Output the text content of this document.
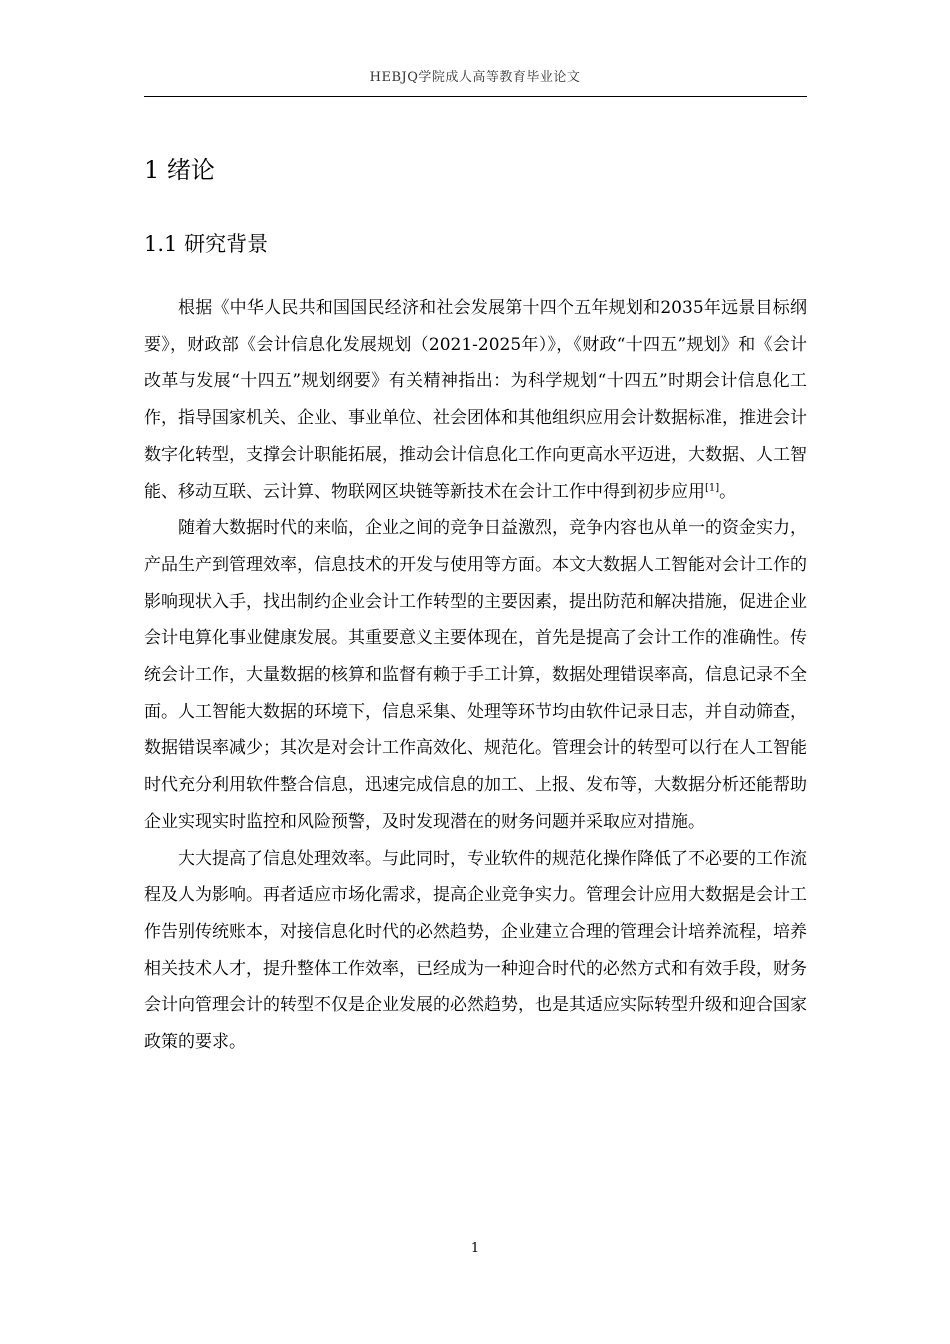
HEBJQ学院成人高等教育毕业论文
1 绪论
1.1 研究背景

根据《中华人民共和国国民经济和社会发展第十四个五年规划和2035年远景目标纲要》，财政部《会计信息化发展规划（2021-2025年）》，《财政“十四五”规划》和《会计改革与发展“十四五”规划纲要》有关精神指出：为科学规划“十四五”时期会计信息化工作，指导国家机关、企业、事业单位、社会团体和其他组织应用会计数据标准，推进会计数字化转型，支撑会计职能拓展，推动会计信息化工作向更高水平迈进，大数据、人工智能、移动互联、云计算、物联网区块链等新技术在会计工作中得到初步应用[1]。

随着大数据时代的来临，企业之间的竞争日益激烈，竞争内容也从单一的资金实力，产品生产到管理效率，信息技术的开发与使用等方面。本文大数据人工智能对会计工作的影响现状入手，找出制约企业会计工作转型的主要因素，提出防范和解决措施，促进企业会计电算化事业健康发展。其重要意义主要体现在，首先是提高了会计工作的准确性。传统会计工作，大量数据的核算和监督有赖于手工计算，数据处理错误率高，信息记录不全面。人工智能大数据的环境下，信息采集、处理等环节均由软件记录日志，并自动筛查，数据错误率减少；其次是对会计工作高效化、规范化。管理会计的转型可以行在人工智能时代充分利用软件整合信息，迅速完成信息的加工、上报、发布等，大数据分析还能帮助企业实现实时监控和风险预警，及时发现潜在的财务问题并采取应对措施。

大大提高了信息处理效率。与此同时，专业软件的规范化操作降低了不必要的工作流程及人为影响。再者适应市场化需求，提高企业竞争实力。管理会计应用大数据是会计工作告别传统账本，对接信息化时代的必然趋势，企业建立合理的管理会计培养流程，培养相关技术人才，提升整体工作效率，已经成为一种迎合时代的必然方式和有效手段，财务会计向管理会计的转型不仅是企业发展的必然趋势，也是其适应实际转型升级和迎合国家政策的要求。

1
